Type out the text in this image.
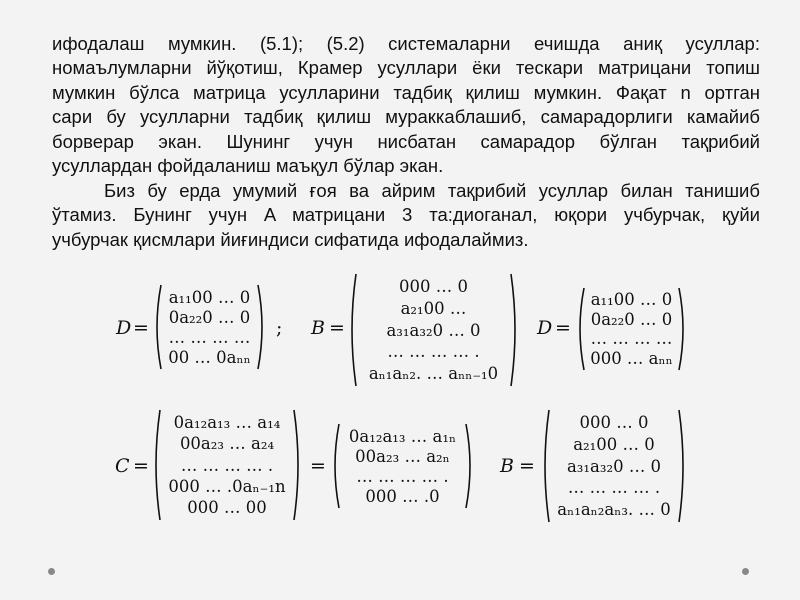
ифодалаш мумкин. (5.1); (5.2) системаларни ечишда аниқ усуллар:
номаълумларни йўқотиш, Крамер усуллари ёки тескари матрицани топиш
мумкин бўлса матрица усулларини тадбиқ қилиш мумкин. Фақат n ортган
сари бу усулларни тадбиқ қилиш мураккаблашиб, самарадорлиги камайиб
борверар экан. Шунинг учун нисбатан самарадор бўлган тақрибий
усуллардан фойдаланиш маъқул бўлар экан.
Биз бу ерда умумий ғоя ва айрим тақрибий усуллар билан танишиб
ўтамиз. Бунинг учун A матрицани 3 та:диоганал, юқори учбурчак, қуйи
учбурчак қисмлари йиғиндиси сифатида ифодалаймиз.
D =
a₁₁00 … 0
0a₂₂0 … 0
… … … …
00 … 0aₙₙ
; B =
000 … 0
a₂₁00 …
a₃₁a₃₂0 … 0
… … … … .
aₙ₁aₙ₂. … aₙₙ₋₁0
D =
a₁₁00 … 0
0a₂₂0 … 0
… … … …
000 … aₙₙ
C =
0a₁₂a₁₃ … a₁₄
00a₂₃ … a₂₄
… … … … .
000 … .0aₙ₋₁n
000 … 00
=
0a₁₂a₁₃ … a₁ₙ
00a₂₃ … a₂ₙ
… … … … .
000 … .0
B =
000 … 0
a₂₁00 … 0
a₃₁a₃₂0 … 0
… … … … .
aₙ₁aₙ₂aₙ₃. … 0
